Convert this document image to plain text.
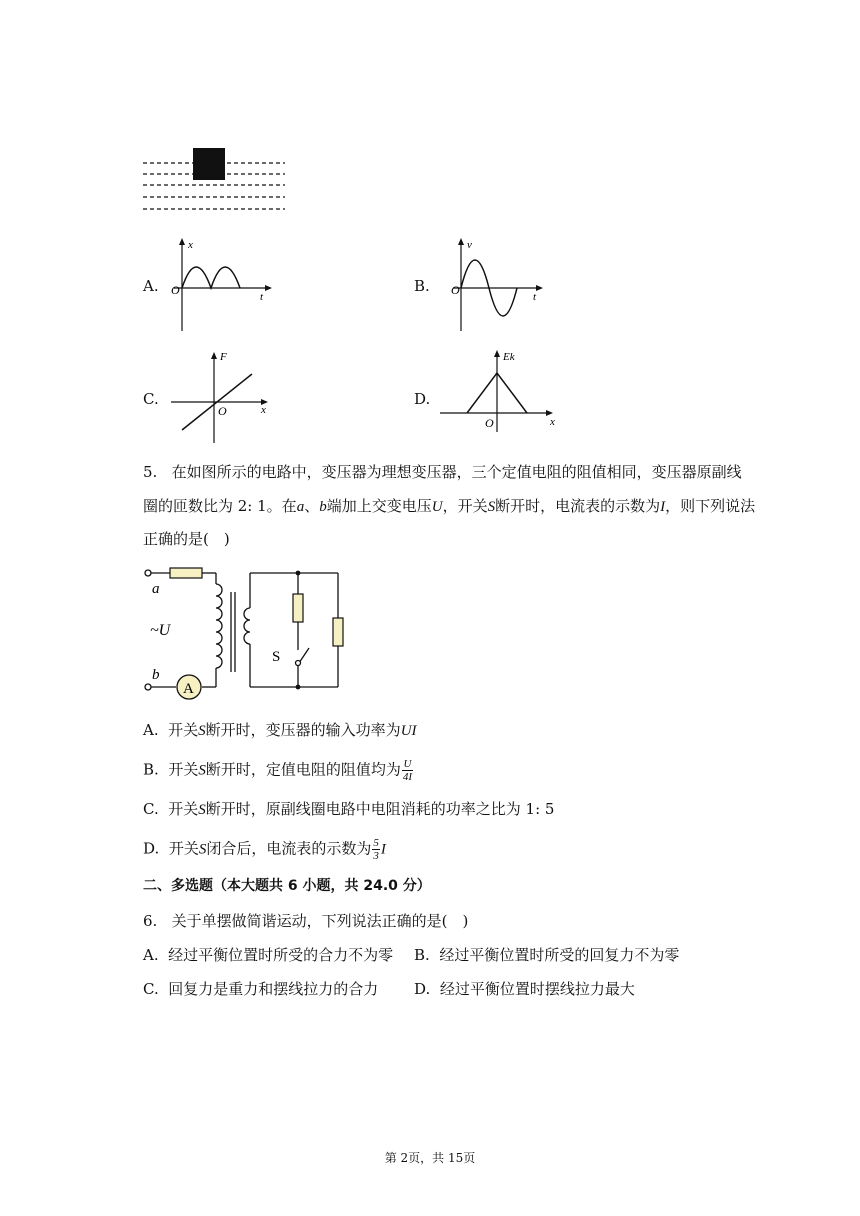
A.
x
t
O	B.
v
t
O
C.
F
x
O
D.
Ek
x
O
5. 在如图所示的电路中，变压器为理想变压器，三个定值电阻的阻值相同，变压器原副线
圈的匝数比为 2: 1。在a、b端加上交变电压U，开关S断开时，电流表的示数为I，则下列说法
正确的是(　)
A
a
b
~U
S
A. 开关S断开时，变压器的输入功率为UI
B. 开关S断开时，定值电阻的阻值均为 $\frac{U}{4I}$
C. 开关S断开时，原副线圈电路中电阻消耗的功率之比为 1: 5
D. 开关S闭合后，电流表的示数为 $\frac{5}{3}$ I
二、多选题（本大题共 6 小题，共 24.0 分）
6. 关于单摆做简谐运动，下列说法正确的是(　)
A. 经过平衡位置时所受的合力不为零 B. 经过平衡位置时所受的回复力不为零
C. 回复力是重力和摆线拉力的合力 D. 经过平衡位置时摆线拉力最大
第 2页，共 15页
